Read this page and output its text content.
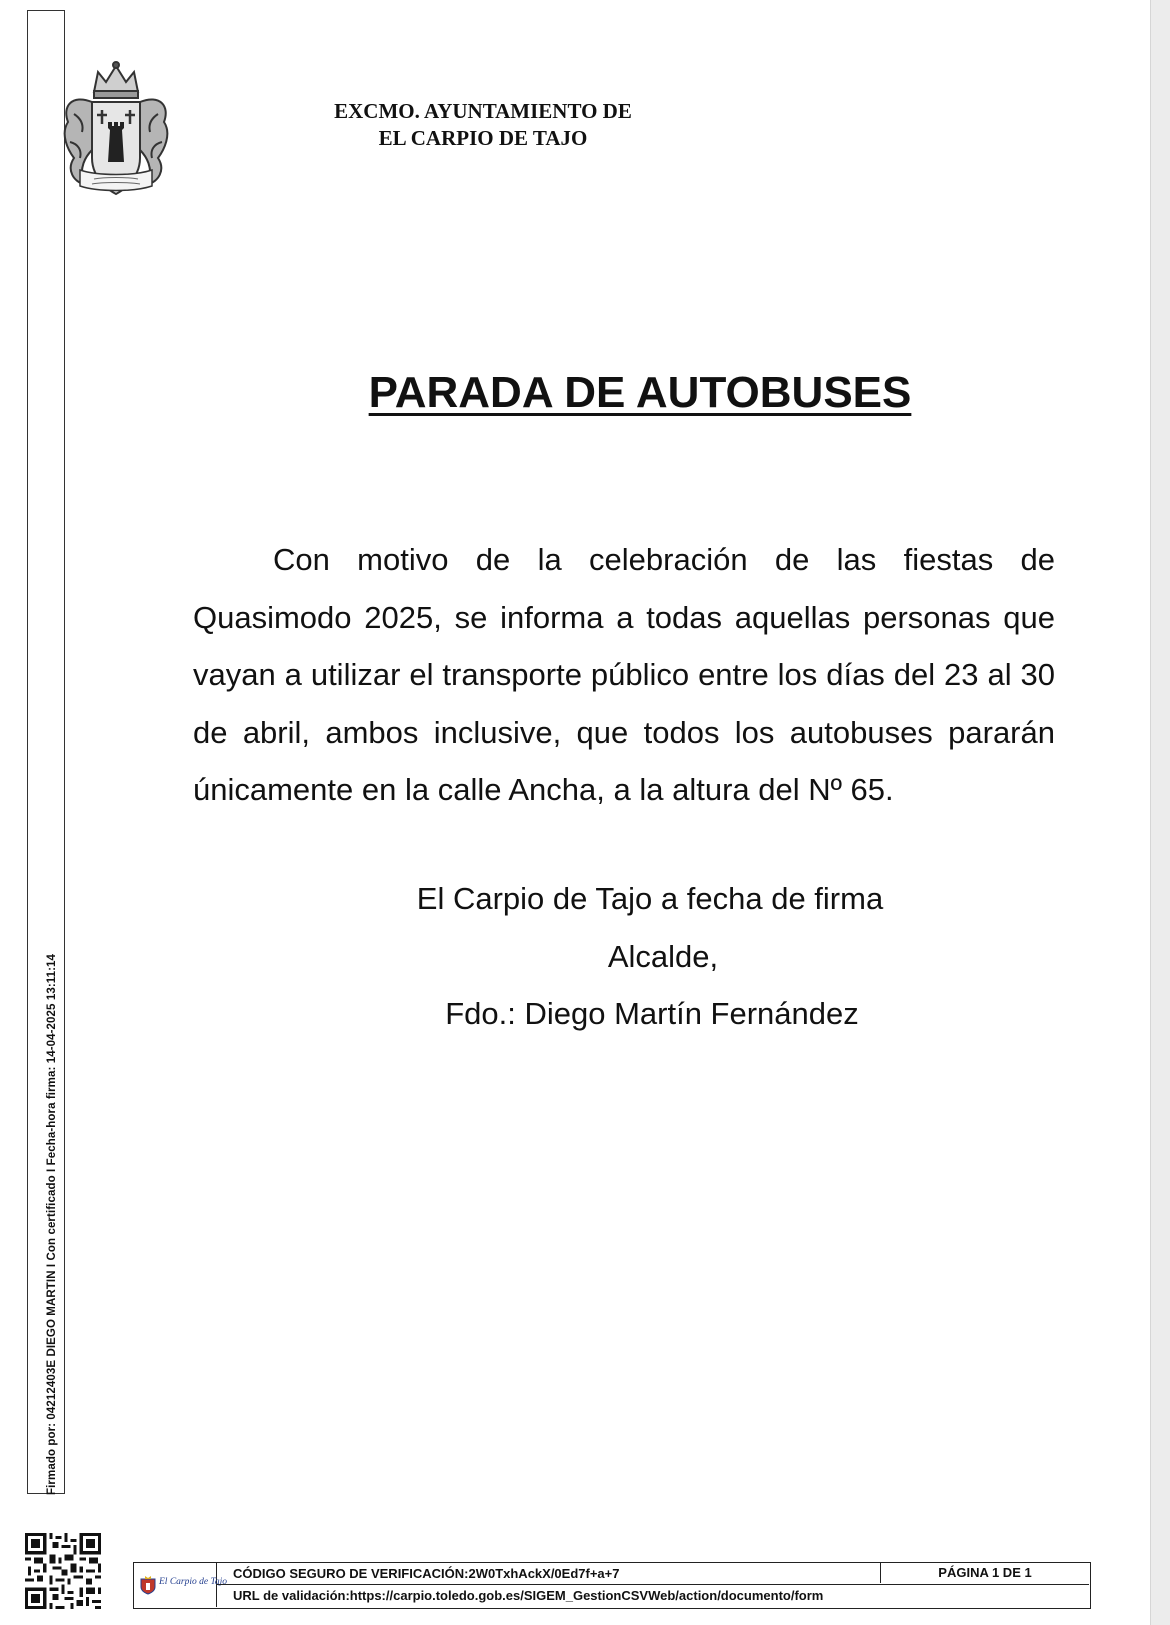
Firmado por: 04212403E DIEGO MARTIN I Con certificado I Fecha-hora firma: 14-04-2025 13:11:14
EXCMO. AYUNTAMIENTO DE
EL CARPIO DE TAJO
PARADA DE AUTOBUSES
Con motivo de la celebración de las fiestas de Quasimodo 2025, se informa a todas aquellas personas que vayan a utilizar el transporte público entre los días del 23 al 30 de abril, ambos inclusive, que todos los autobuses pararán únicamente en la calle Ancha, a la altura del Nº 65.
El Carpio de Tajo a fecha de firma
Alcalde,
Fdo.: Diego Martín Fernández
El Carpio de Tajo
CÓDIGO SEGURO DE VERIFICACIÓN:2W0TxhAckX/0Ed7f+a+7	PÁGINA 1 DE 1
URL de validación:https://carpio.toledo.gob.es/SIGEM_GestionCSVWeb/action/documento/form
